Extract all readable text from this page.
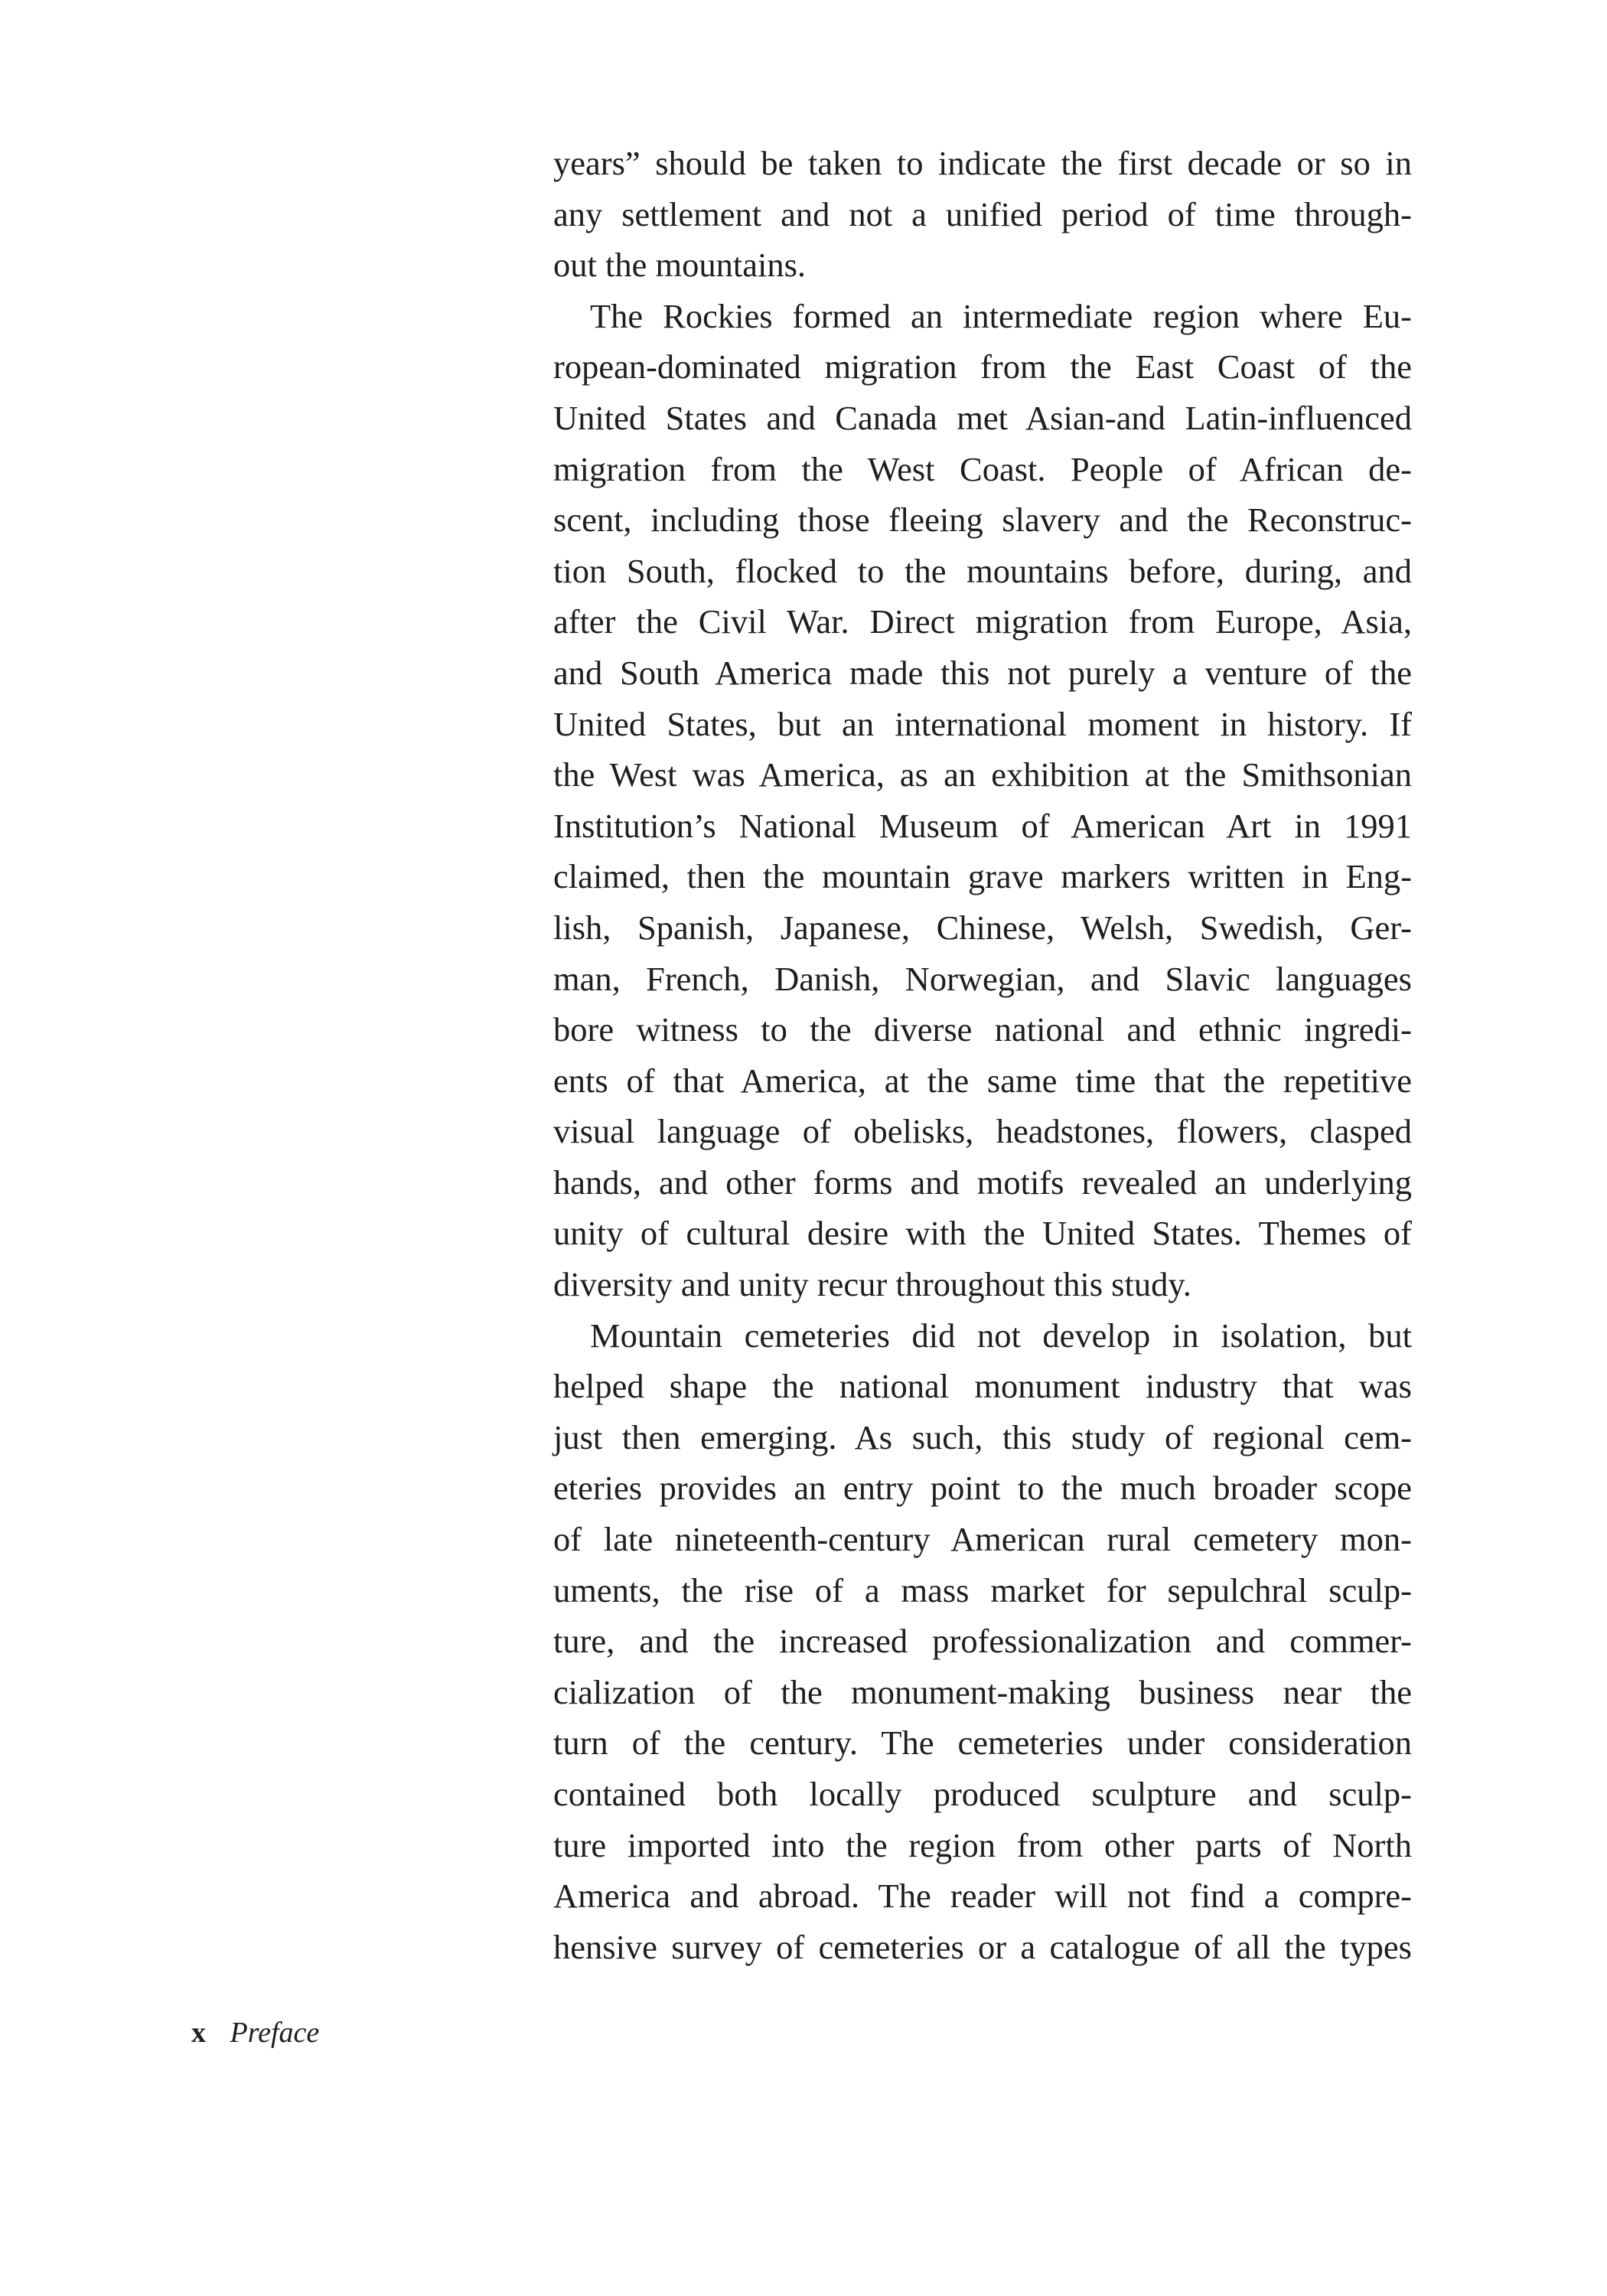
years” should be taken to indicate the first decade or so in
any settlement and not a unified period of time through-
out the mountains.
The Rockies formed an intermediate region where Eu-
ropean-dominated migration from the East Coast of the
United States and Canada met Asian-and Latin-influenced
migration from the West Coast. People of African de-
scent, including those fleeing slavery and the Reconstruc-
tion South, flocked to the mountains before, during, and
after the Civil War. Direct migration from Europe, Asia,
and South America made this not purely a venture of the
United States, but an international moment in history. If
the West was America, as an exhibition at the Smithsonian
Institution’s National Museum of American Art in 1991
claimed, then the mountain grave markers written in Eng-
lish, Spanish, Japanese, Chinese, Welsh, Swedish, Ger-
man, French, Danish, Norwegian, and Slavic languages
bore witness to the diverse national and ethnic ingredi-
ents of that America, at the same time that the repetitive
visual language of obelisks, headstones, flowers, clasped
hands, and other forms and motifs revealed an underlying
unity of cultural desire with the United States. Themes of
diversity and unity recur throughout this study.
Mountain cemeteries did not develop in isolation, but
helped shape the national monument industry that was
just then emerging. As such, this study of regional cem-
eteries provides an entry point to the much broader scope
of late nineteenth-century American rural cemetery mon-
uments, the rise of a mass market for sepulchral sculp-
ture, and the increased professionalization and commer-
cialization of the monument-making business near the
turn of the century. The cemeteries under consideration
contained both locally produced sculpture and sculp-
ture imported into the region from other parts of North
America and abroad. The reader will not find a compre-
hensive survey of cemeteries or a catalogue of all the types
x Preface
